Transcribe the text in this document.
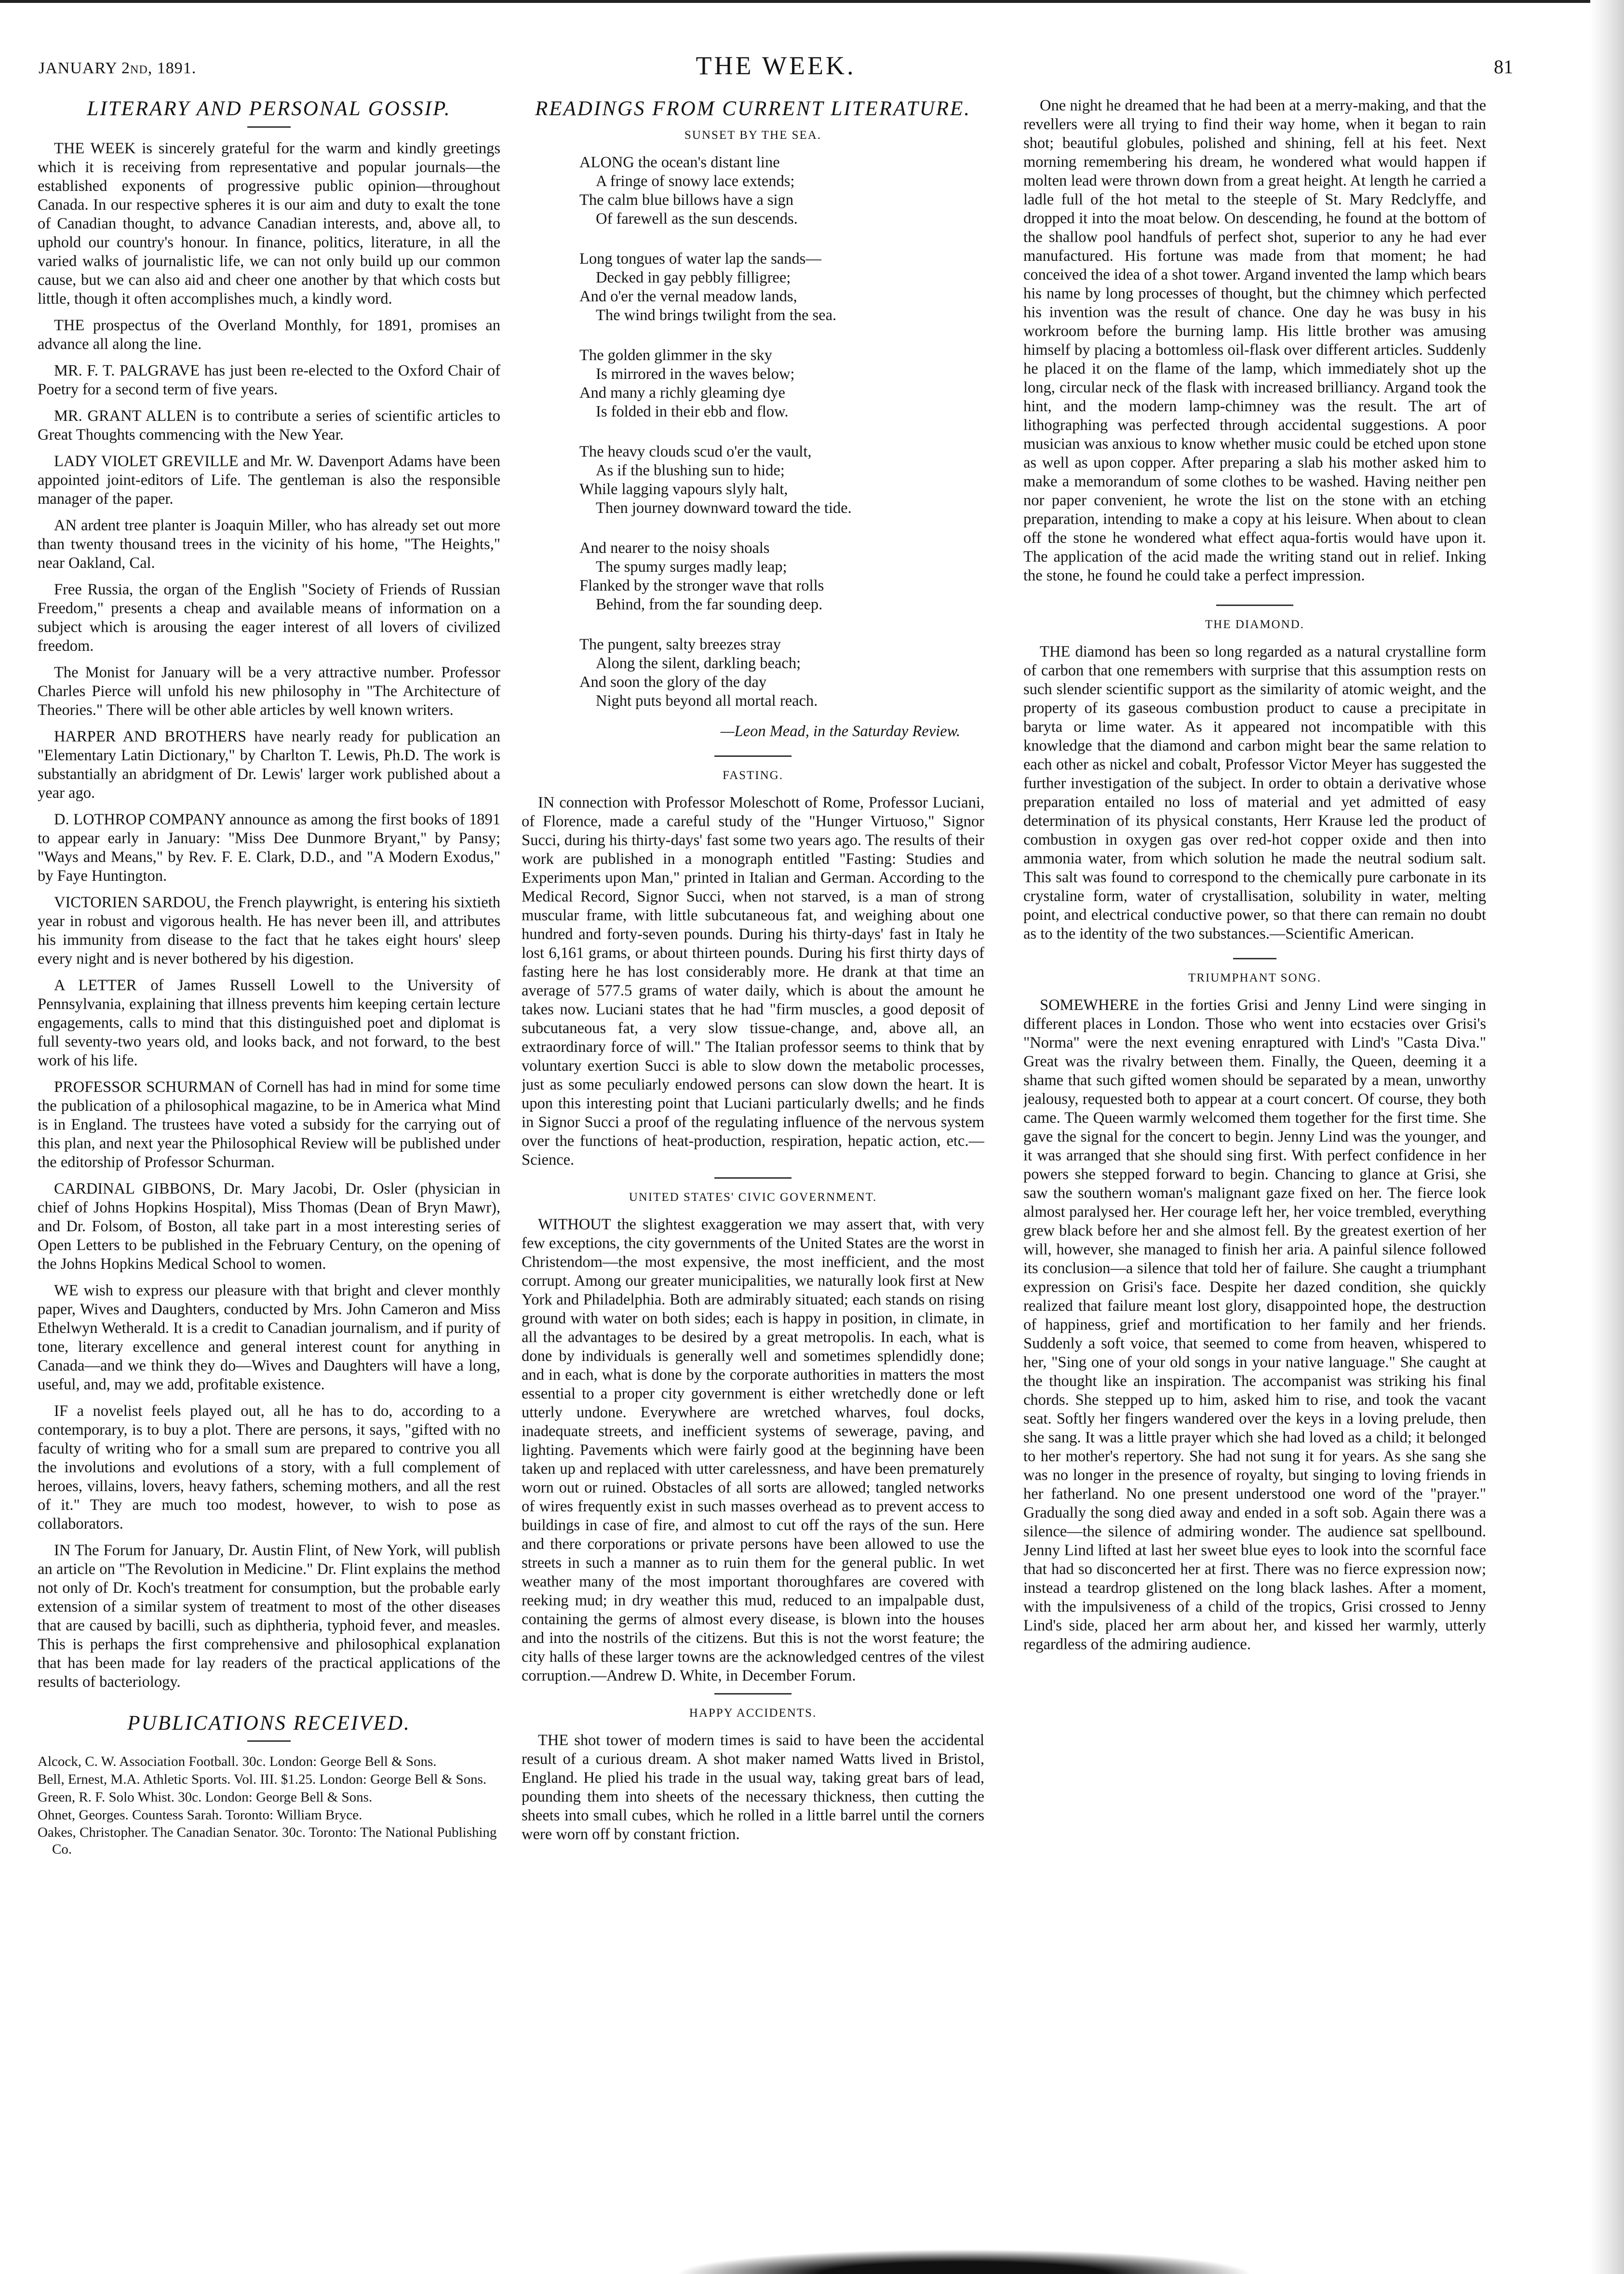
JANUARY 2nd, 1891.	THE WEEK.	81
LITERARY AND PERSONAL GOSSIP.

THE WEEK is sincerely grateful for the warm and kindly greetings which it is receiving from representative and popular journals—the established exponents of progressive public opinion—throughout Canada. In our respective spheres it is our aim and duty to exalt the tone of Canadian thought, to advance Canadian interests, and, above all, to uphold our country's honour. In finance, politics, literature, in all the varied walks of journalistic life, we can not only build up our common cause, but we can also aid and cheer one another by that which costs but little, though it often accomplishes much, a kindly word.

THE prospectus of the Overland Monthly, for 1891, promises an advance all along the line.

MR. F. T. PALGRAVE has just been re-elected to the Oxford Chair of Poetry for a second term of five years.

MR. GRANT ALLEN is to contribute a series of scientific articles to Great Thoughts commencing with the New Year.

LADY VIOLET GREVILLE and Mr. W. Davenport Adams have been appointed joint-editors of Life. The gentleman is also the responsible manager of the paper.

AN ardent tree planter is Joaquin Miller, who has already set out more than twenty thousand trees in the vicinity of his home, "The Heights," near Oakland, Cal.

Free Russia, the organ of the English "Society of Friends of Russian Freedom," presents a cheap and available means of information on a subject which is arousing the eager interest of all lovers of civilized freedom.

The Monist for January will be a very attractive number. Professor Charles Pierce will unfold his new philosophy in "The Architecture of Theories." There will be other able articles by well known writers.

HARPER AND BROTHERS have nearly ready for publication an "Elementary Latin Dictionary," by Charlton T. Lewis, Ph.D. The work is substantially an abridgment of Dr. Lewis' larger work published about a year ago.

D. LOTHROP COMPANY announce as among the first books of 1891 to appear early in January: "Miss Dee Dunmore Bryant," by Pansy; "Ways and Means," by Rev. F. E. Clark, D.D., and "A Modern Exodus," by Faye Huntington.

VICTORIEN SARDOU, the French playwright, is entering his sixtieth year in robust and vigorous health. He has never been ill, and attributes his immunity from disease to the fact that he takes eight hours' sleep every night and is never bothered by his digestion.

A LETTER of James Russell Lowell to the University of Pennsylvania, explaining that illness prevents him keeping certain lecture engagements, calls to mind that this distinguished poet and diplomat is full seventy-two years old, and looks back, and not forward, to the best work of his life.

PROFESSOR SCHURMAN of Cornell has had in mind for some time the publication of a philosophical magazine, to be in America what Mind is in England. The trustees have voted a subsidy for the carrying out of this plan, and next year the Philosophical Review will be published under the editorship of Professor Schurman.

CARDINAL GIBBONS, Dr. Mary Jacobi, Dr. Osler (physician in chief of Johns Hopkins Hospital), Miss Thomas (Dean of Bryn Mawr), and Dr. Folsom, of Boston, all take part in a most interesting series of Open Letters to be published in the February Century, on the opening of the Johns Hopkins Medical School to women.

WE wish to express our pleasure with that bright and clever monthly paper, Wives and Daughters, conducted by Mrs. John Cameron and Miss Ethelwyn Wetherald. It is a credit to Canadian journalism, and if purity of tone, literary excellence and general interest count for anything in Canada—and we think they do—Wives and Daughters will have a long, useful, and, may we add, profitable existence.

IF a novelist feels played out, all he has to do, according to a contemporary, is to buy a plot. There are persons, it says, "gifted with no faculty of writing who for a small sum are prepared to contrive you all the involutions and evolutions of a story, with a full complement of heroes, villains, lovers, heavy fathers, scheming mothers, and all the rest of it." They are much too modest, however, to wish to pose as collaborators.

IN The Forum for January, Dr. Austin Flint, of New York, will publish an article on "The Revolution in Medicine." Dr. Flint explains the method not only of Dr. Koch's treatment for consumption, but the probable early extension of a similar system of treatment to most of the other diseases that are caused by bacilli, such as diphtheria, typhoid fever, and measles. This is perhaps the first comprehensive and philosophical explanation that has been made for lay readers of the practical applications of the results of bacteriology.

PUBLICATIONS RECEIVED.
Alcock, C. W. Association Football. 30c. London: George Bell & Sons.
Bell, Ernest, M.A. Athletic Sports. Vol. III. $1.25. London: George Bell & Sons.
Green, R. F. Solo Whist. 30c. London: George Bell & Sons.
Ohnet, Georges. Countess Sarah. Toronto: William Bryce.
Oakes, Christopher. The Canadian Senator. 30c. Toronto: The National Publishing Co.
READINGS FROM CURRENT LITERATURE.
SUNSET BY THE SEA.
ALONG the ocean's distant line
A fringe of snowy lace extends;
The calm blue billows have a sign
Of farewell as the sun descends.
Long tongues of water lap the sands—
Decked in gay pebbly filligree;
And o'er the vernal meadow lands,
The wind brings twilight from the sea.
The golden glimmer in the sky
Is mirrored in the waves below;
And many a richly gleaming dye
Is folded in their ebb and flow.
The heavy clouds scud o'er the vault,
As if the blushing sun to hide;
While lagging vapours slyly halt,
Then journey downward toward the tide.
And nearer to the noisy shoals
The spumy surges madly leap;
Flanked by the stronger wave that rolls
Behind, from the far sounding deep.
The pungent, salty breezes stray
Along the silent, darkling beach;
And soon the glory of the day
Night puts beyond all mortal reach.
—Leon Mead, in the Saturday Review.
FASTING.

IN connection with Professor Moleschott of Rome, Professor Luciani, of Florence, made a careful study of the "Hunger Virtuoso," Signor Succi, during his thirty-days' fast some two years ago. The results of their work are published in a monograph entitled "Fasting: Studies and Experiments upon Man," printed in Italian and German. According to the Medical Record, Signor Succi, when not starved, is a man of strong muscular frame, with little subcutaneous fat, and weighing about one hundred and forty-seven pounds. During his thirty-days' fast in Italy he lost 6,161 grams, or about thirteen pounds. During his first thirty days of fasting here he has lost considerably more. He drank at that time an average of 577.5 grams of water daily, which is about the amount he takes now. Luciani states that he had "firm muscles, a good deposit of subcutaneous fat, a very slow tissue-change, and, above all, an extraordinary force of will." The Italian professor seems to think that by voluntary exertion Succi is able to slow down the metabolic processes, just as some peculiarly endowed persons can slow down the heart. It is upon this interesting point that Luciani particularly dwells; and he finds in Signor Succi a proof of the regulating influence of the nervous system over the functions of heat-production, respiration, hepatic action, etc.—Science.

UNITED STATES' CIVIC GOVERNMENT.

WITHOUT the slightest exaggeration we may assert that, with very few exceptions, the city governments of the United States are the worst in Christendom—the most expensive, the most inefficient, and the most corrupt. Among our greater municipalities, we naturally look first at New York and Philadelphia. Both are admirably situated; each stands on rising ground with water on both sides; each is happy in position, in climate, in all the advantages to be desired by a great metropolis. In each, what is done by individuals is generally well and sometimes splendidly done; and in each, what is done by the corporate authorities in matters the most essential to a proper city government is either wretchedly done or left utterly undone. Everywhere are wretched wharves, foul docks, inadequate streets, and inefficient systems of sewerage, paving, and lighting. Pavements which were fairly good at the beginning have been taken up and replaced with utter carelessness, and have been prematurely worn out or ruined. Obstacles of all sorts are allowed; tangled networks of wires frequently exist in such masses overhead as to prevent access to buildings in case of fire, and almost to cut off the rays of the sun. Here and there corporations or private persons have been allowed to use the streets in such a manner as to ruin them for the general public. In wet weather many of the most important thoroughfares are covered with reeking mud; in dry weather this mud, reduced to an impalpable dust, containing the germs of almost every disease, is blown into the houses and into the nostrils of the citizens. But this is not the worst feature; the city halls of these larger towns are the acknowledged centres of the vilest corruption.—Andrew D. White, in December Forum.

HAPPY ACCIDENTS.

THE shot tower of modern times is said to have been the accidental result of a curious dream. A shot maker named Watts lived in Bristol, England. He plied his trade in the usual way, taking great bars of lead, pounding them into sheets of the necessary thickness, then cutting the sheets into small cubes, which he rolled in a little barrel until the corners were worn off by constant friction.

One night he dreamed that he had been at a merry-making, and that the revellers were all trying to find their way home, when it began to rain shot; beautiful globules, polished and shining, fell at his feet. Next morning remembering his dream, he wondered what would happen if molten lead were thrown down from a great height. At length he carried a ladle full of the hot metal to the steeple of St. Mary Redclyffe, and dropped it into the moat below. On descending, he found at the bottom of the shallow pool handfuls of perfect shot, superior to any he had ever manufactured. His fortune was made from that moment; he had conceived the idea of a shot tower. Argand invented the lamp which bears his name by long processes of thought, but the chimney which perfected his invention was the result of chance. One day he was busy in his workroom before the burning lamp. His little brother was amusing himself by placing a bottomless oil-flask over different articles. Suddenly he placed it on the flame of the lamp, which immediately shot up the long, circular neck of the flask with increased brilliancy. Argand took the hint, and the modern lamp-chimney was the result. The art of lithographing was perfected through accidental suggestions. A poor musician was anxious to know whether music could be etched upon stone as well as upon copper. After preparing a slab his mother asked him to make a memorandum of some clothes to be washed. Having neither pen nor paper convenient, he wrote the list on the stone with an etching preparation, intending to make a copy at his leisure. When about to clean off the stone he wondered what effect aqua-fortis would have upon it. The application of the acid made the writing stand out in relief. Inking the stone, he found he could take a perfect impression.

THE DIAMOND.

THE diamond has been so long regarded as a natural crystalline form of carbon that one remembers with surprise that this assumption rests on such slender scientific support as the similarity of atomic weight, and the property of its gaseous combustion product to cause a precipitate in baryta or lime water. As it appeared not incompatible with this knowledge that the diamond and carbon might bear the same relation to each other as nickel and cobalt, Professor Victor Meyer has suggested the further investigation of the subject. In order to obtain a derivative whose preparation entailed no loss of material and yet admitted of easy determination of its physical constants, Herr Krause led the product of combustion in oxygen gas over red-hot copper oxide and then into ammonia water, from which solution he made the neutral sodium salt. This salt was found to correspond to the chemically pure carbonate in its crystaline form, water of crystallisation, solubility in water, melting point, and electrical conductive power, so that there can remain no doubt as to the identity of the two substances.—Scientific American.

TRIUMPHANT SONG.

SOMEWHERE in the forties Grisi and Jenny Lind were singing in different places in London. Those who went into ecstacies over Grisi's "Norma" were the next evening enraptured with Lind's "Casta Diva." Great was the rivalry between them. Finally, the Queen, deeming it a shame that such gifted women should be separated by a mean, unworthy jealousy, requested both to appear at a court concert. Of course, they both came. The Queen warmly welcomed them together for the first time. She gave the signal for the concert to begin. Jenny Lind was the younger, and it was arranged that she should sing first. With perfect confidence in her powers she stepped forward to begin. Chancing to glance at Grisi, she saw the southern woman's malignant gaze fixed on her. The fierce look almost paralysed her. Her courage left her, her voice trembled, everything grew black before her and she almost fell. By the greatest exertion of her will, however, she managed to finish her aria. A painful silence followed its conclusion—a silence that told her of failure. She caught a triumphant expression on Grisi's face. Despite her dazed condition, she quickly realized that failure meant lost glory, disappointed hope, the destruction of happiness, grief and mortification to her family and her friends. Suddenly a soft voice, that seemed to come from heaven, whispered to her, "Sing one of your old songs in your native language." She caught at the thought like an inspiration. The accompanist was striking his final chords. She stepped up to him, asked him to rise, and took the vacant seat. Softly her fingers wandered over the keys in a loving prelude, then she sang. It was a little prayer which she had loved as a child; it belonged to her mother's repertory. She had not sung it for years. As she sang she was no longer in the presence of royalty, but singing to loving friends in her fatherland. No one present understood one word of the "prayer." Gradually the song died away and ended in a soft sob. Again there was a silence—the silence of admiring wonder. The audience sat spellbound. Jenny Lind lifted at last her sweet blue eyes to look into the scornful face that had so disconcerted her at first. There was no fierce expression now; instead a teardrop glistened on the long black lashes. After a moment, with the impulsiveness of a child of the tropics, Grisi crossed to Jenny Lind's side, placed her arm about her, and kissed her warmly, utterly regardless of the admiring audience.
